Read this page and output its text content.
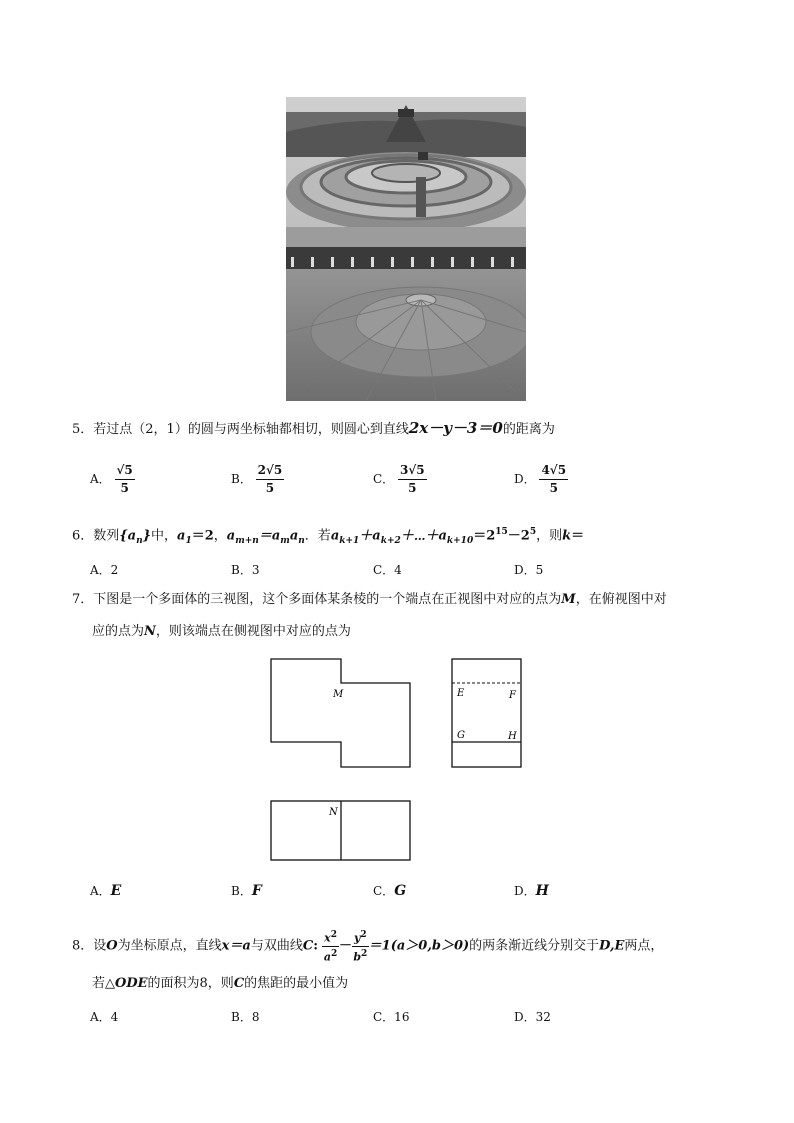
5．若过点（2，1）的圆与两坐标轴都相切，则圆心到直线2x－y－3＝0的距离为
A． $\frac{√5}{5}$	B． $\frac{2√5}{5}$	C． $\frac{3√5}{5}$	D． $\frac{4√5}{5}$
6．数列$\{a_n\}$中，$a_1=2$，$a_{m+n}=a_ma_n$．若$a_{k+1}+a_{k+2}+\cdots+a_{k+10}=2^{15}-2^5$，则k＝
A．2	B．3	C．4	D．5
7．下图是一个多面体的三视图，这个多面体某条棱的一个端点在正视图中对应的点为M，在俯视图中对
应的点为N，则该端点在侧视图中对应的点为
M	E	F
G	H
N
A．E	B．F	C．G	D．H
8．设O为坐标原点，直线x＝a与双曲线C: $\frac{x^2}{a^2} - \frac{y^2}{b^2} =1(a>0,b>0)$的两条渐近线分别交于D,E两点，
若△ODE的面积为8，则C的焦距的最小值为
A．4	B．8	C．16	D．32
